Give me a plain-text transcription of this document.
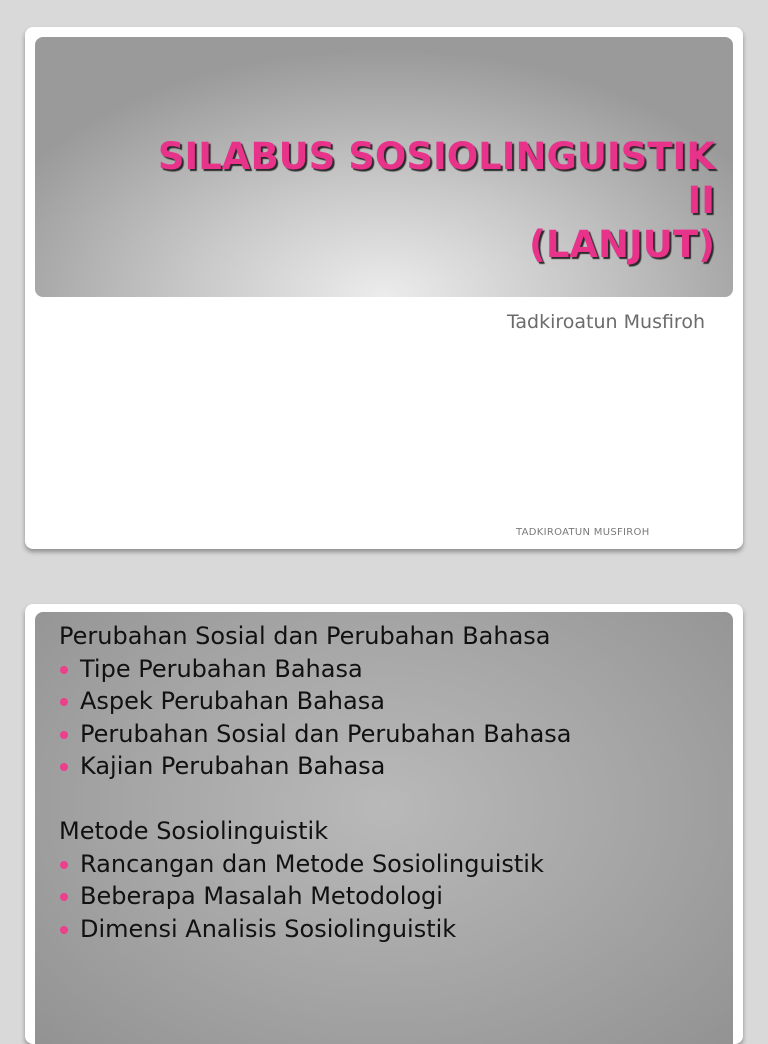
SILABUS SOSIOLINGUISTIK
II
(LANJUT)

Tadkiroatun Musfiroh

TADKIROATUN MUSFIROH

Perubahan Sosial dan Perubahan Bahasa

Tipe Perubahan Bahasa
Aspek Perubahan Bahasa
Perubahan Sosial dan Perubahan Bahasa
Kajian Perubahan Bahasa

Metode Sosiolinguistik

Rancangan dan Metode Sosiolinguistik
Beberapa Masalah Metodologi
Dimensi Analisis Sosiolinguistik
